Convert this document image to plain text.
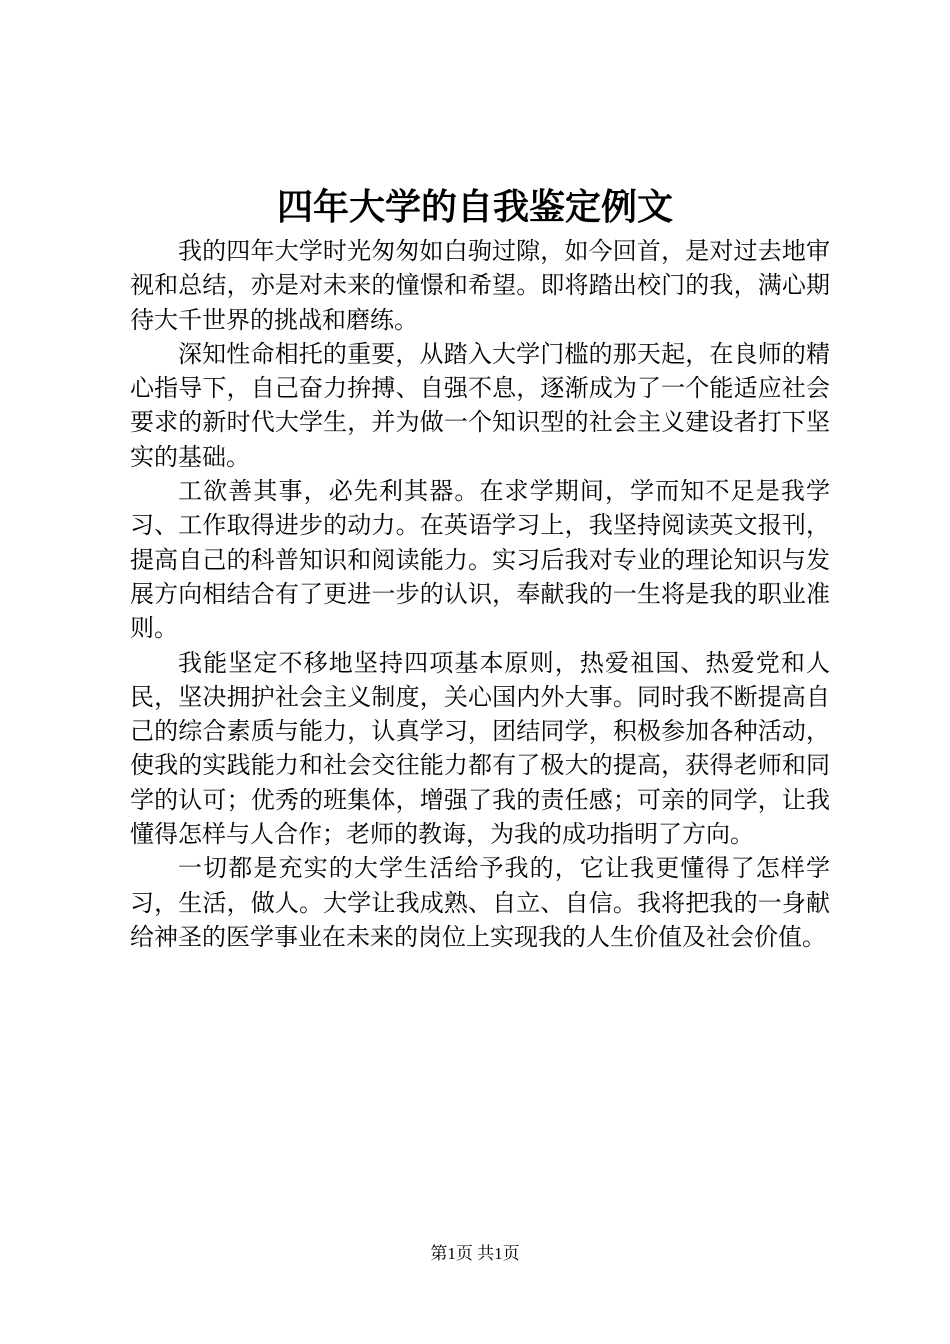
四年大学的自我鉴定例文

我的四年大学时光匆匆如白驹过隙，如今回首，是对过去地审视和总结，亦是对未来的憧憬和希望。即将踏出校门的我，满心期待大千世界的挑战和磨练。

深知性命相托的重要，从踏入大学门槛的那天起，在良师的精心指导下，自己奋力拚搏、自强不息，逐渐成为了一个能适应社会要求的新时代大学生，并为做一个知识型的社会主义建设者打下坚实的基础。

工欲善其事，必先利其器。在求学期间，学而知不足是我学习、工作取得进步的动力。在英语学习上，我坚持阅读英文报刊，提高自己的科普知识和阅读能力。实习后我对专业的理论知识与发展方向相结合有了更进一步的认识，奉献我的一生将是我的职业准则。

我能坚定不移地坚持四项基本原则，热爱祖国、热爱党和人民，坚决拥护社会主义制度，关心国内外大事。同时我不断提高自己的综合素质与能力，认真学习，团结同学，积极参加各种活动，使我的实践能力和社会交往能力都有了极大的提高，获得老师和同学的认可；优秀的班集体，增强了我的责任感；可亲的同学，让我懂得怎样与人合作；老师的教诲，为我的成功指明了方向。

一切都是充实的大学生活给予我的，它让我更懂得了怎样学习，生活，做人。大学让我成熟、自立、自信。我将把我的一身献给神圣的医学事业在未来的岗位上实现我的人生价值及社会价值。

第1页 共1页
